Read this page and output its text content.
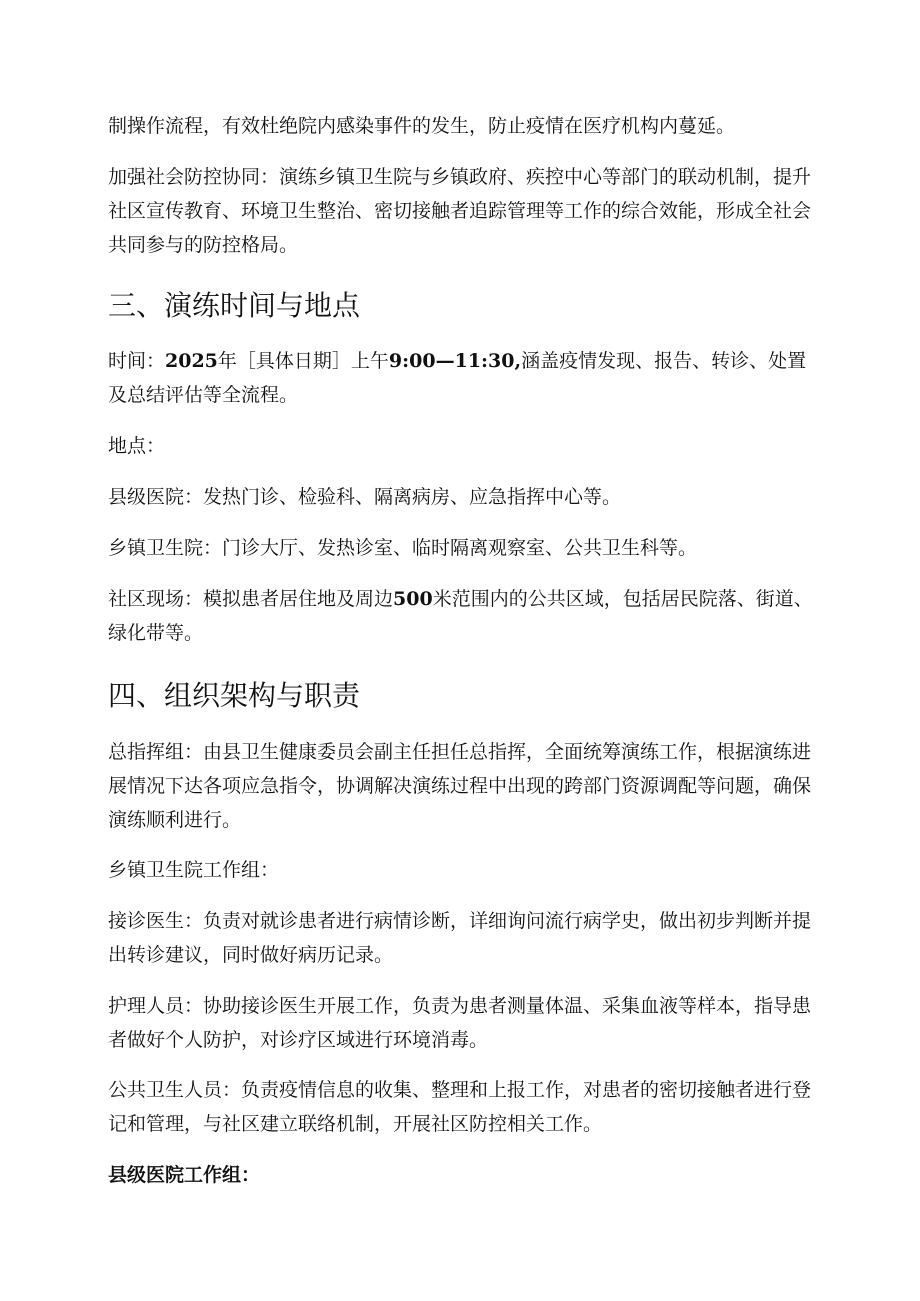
制操作流程，有效杜绝院内感染事件的发生，防止疫情在医疗机构内蔓延。

加强社会防控协同：演练乡镇卫生院与乡镇政府、疾控中心等部门的联动机制，提升社区宣传教育、环境卫生整治、密切接触者追踪管理等工作的综合效能，形成全社会共同参与的防控格局。

三、演练时间与地点

时间：2025年［具体日期］上午9:00—11:30,涵盖疫情发现、报告、转诊、处置及总结评估等全流程。

地点：

县级医院：发热门诊、检验科、隔离病房、应急指挥中心等。

乡镇卫生院：门诊大厅、发热诊室、临时隔离观察室、公共卫生科等。

社区现场：模拟患者居住地及周边500米范围内的公共区域，包括居民院落、街道、绿化带等。

四、组织架构与职责

总指挥组：由县卫生健康委员会副主任担任总指挥，全面统筹演练工作，根据演练进展情况下达各项应急指令，协调解决演练过程中出现的跨部门资源调配等问题，确保演练顺利进行。

乡镇卫生院工作组：

接诊医生：负责对就诊患者进行病情诊断，详细询问流行病学史，做出初步判断并提出转诊建议，同时做好病历记录。

护理人员：协助接诊医生开展工作，负责为患者测量体温、采集血液等样本，指导患者做好个人防护，对诊疗区域进行环境消毒。

公共卫生人员：负责疫情信息的收集、整理和上报工作，对患者的密切接触者进行登记和管理，与社区建立联络机制，开展社区防控相关工作。

县级医院工作组：
